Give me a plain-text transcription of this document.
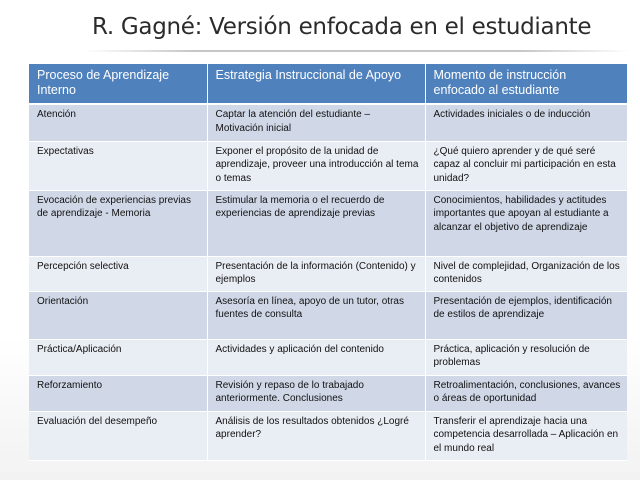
R. Gagné: Versión enfocada en el estudiante
Proceso de Aprendizaje Interno	Estrategia Instruccional de Apoyo	Momento de instrucción enfocado al estudiante
Atención	Captar la atención del estudiante – Motivación inicial	Actividades iniciales o de inducción
Expectativas	Exponer el propósito de la unidad de aprendizaje, proveer una introducción al tema o temas	¿Qué quiero aprender y de qué seré capaz al concluir mi participación en esta unidad?
Evocación de experiencias previas de aprendizaje - Memoria	Estimular la memoria o el recuerdo de experiencias de aprendizaje previas	Conocimientos, habilidades y actitudes importantes que apoyan al estudiante a alcanzar el objetivo de aprendizaje
Percepción selectiva	Presentación de la información (Contenido) y ejemplos	Nivel de complejidad, Organización de los contenidos
Orientación	Asesoría en línea, apoyo de un tutor, otras fuentes de consulta	Presentación de ejemplos, identificación de estilos de aprendizaje
Práctica/Aplicación	Actividades y aplicación del contenido	Práctica, aplicación y resolución de problemas
Reforzamiento	Revisión y repaso de lo trabajado anteriormente. Conclusiones	Retroalimentación, conclusiones, avances o áreas de oportunidad
Evaluación del desempeño	Análisis de los resultados obtenidos ¿Logré aprender?	Transferir el aprendizaje hacia una competencia desarrollada – Aplicación en el mundo real
